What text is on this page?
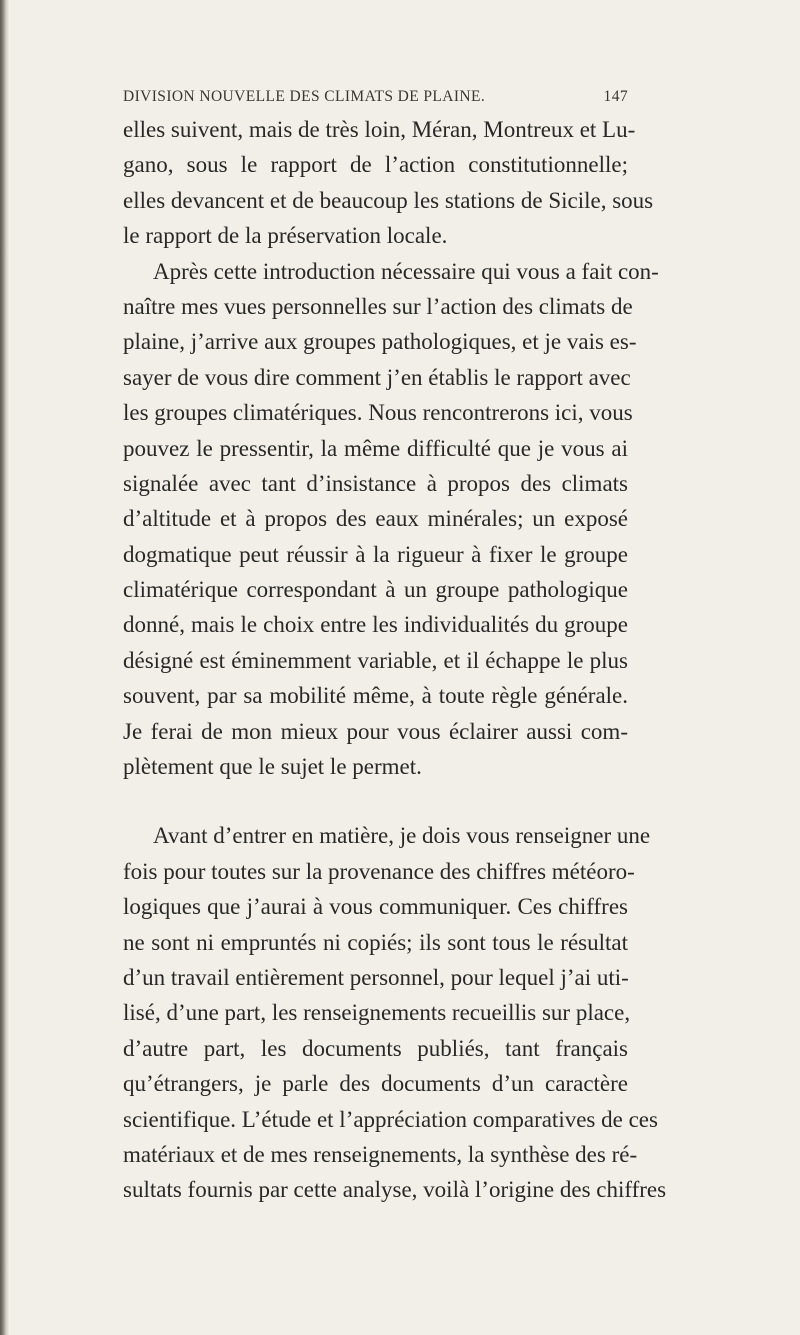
DIVISION NOUVELLE DES CLIMATS DE PLAINE.	147
elles suivent, mais de très loin, Méran, Montreux et Lu-
gano, sous le rapport de l’action constitutionnelle;
elles devancent et de beaucoup les stations de Sicile, sous
le rapport de la préservation locale.
Après cette introduction nécessaire qui vous a fait con-
naître mes vues personnelles sur l’action des climats de
plaine, j’arrive aux groupes pathologiques, et je vais es-
sayer de vous dire comment j’en établis le rapport avec
les groupes climatériques. Nous rencontrerons ici, vous
pouvez le pressentir, la même difficulté que je vous ai
signalée avec tant d’insistance à propos des climats
d’altitude et à propos des eaux minérales; un exposé
dogmatique peut réussir à la rigueur à fixer le groupe
climatérique correspondant à un groupe pathologique
donné, mais le choix entre les individualités du groupe
désigné est éminemment variable, et il échappe le plus
souvent, par sa mobilité même, à toute règle générale.
Je ferai de mon mieux pour vous éclairer aussi com-
plètement que le sujet le permet.
Avant d’entrer en matière, je dois vous renseigner une
fois pour toutes sur la provenance des chiffres météoro-
logiques que j’aurai à vous communiquer. Ces chiffres
ne sont ni empruntés ni copiés; ils sont tous le résultat
d’un travail entièrement personnel, pour lequel j’ai uti-
lisé, d’une part, les renseignements recueillis sur place,
d’autre part, les documents publiés, tant français
qu’étrangers, je parle des documents d’un caractère
scientifique. L’étude et l’appréciation comparatives de ces
matériaux et de mes renseignements, la synthèse des ré-
sultats fournis par cette analyse, voilà l’origine des chiffres
